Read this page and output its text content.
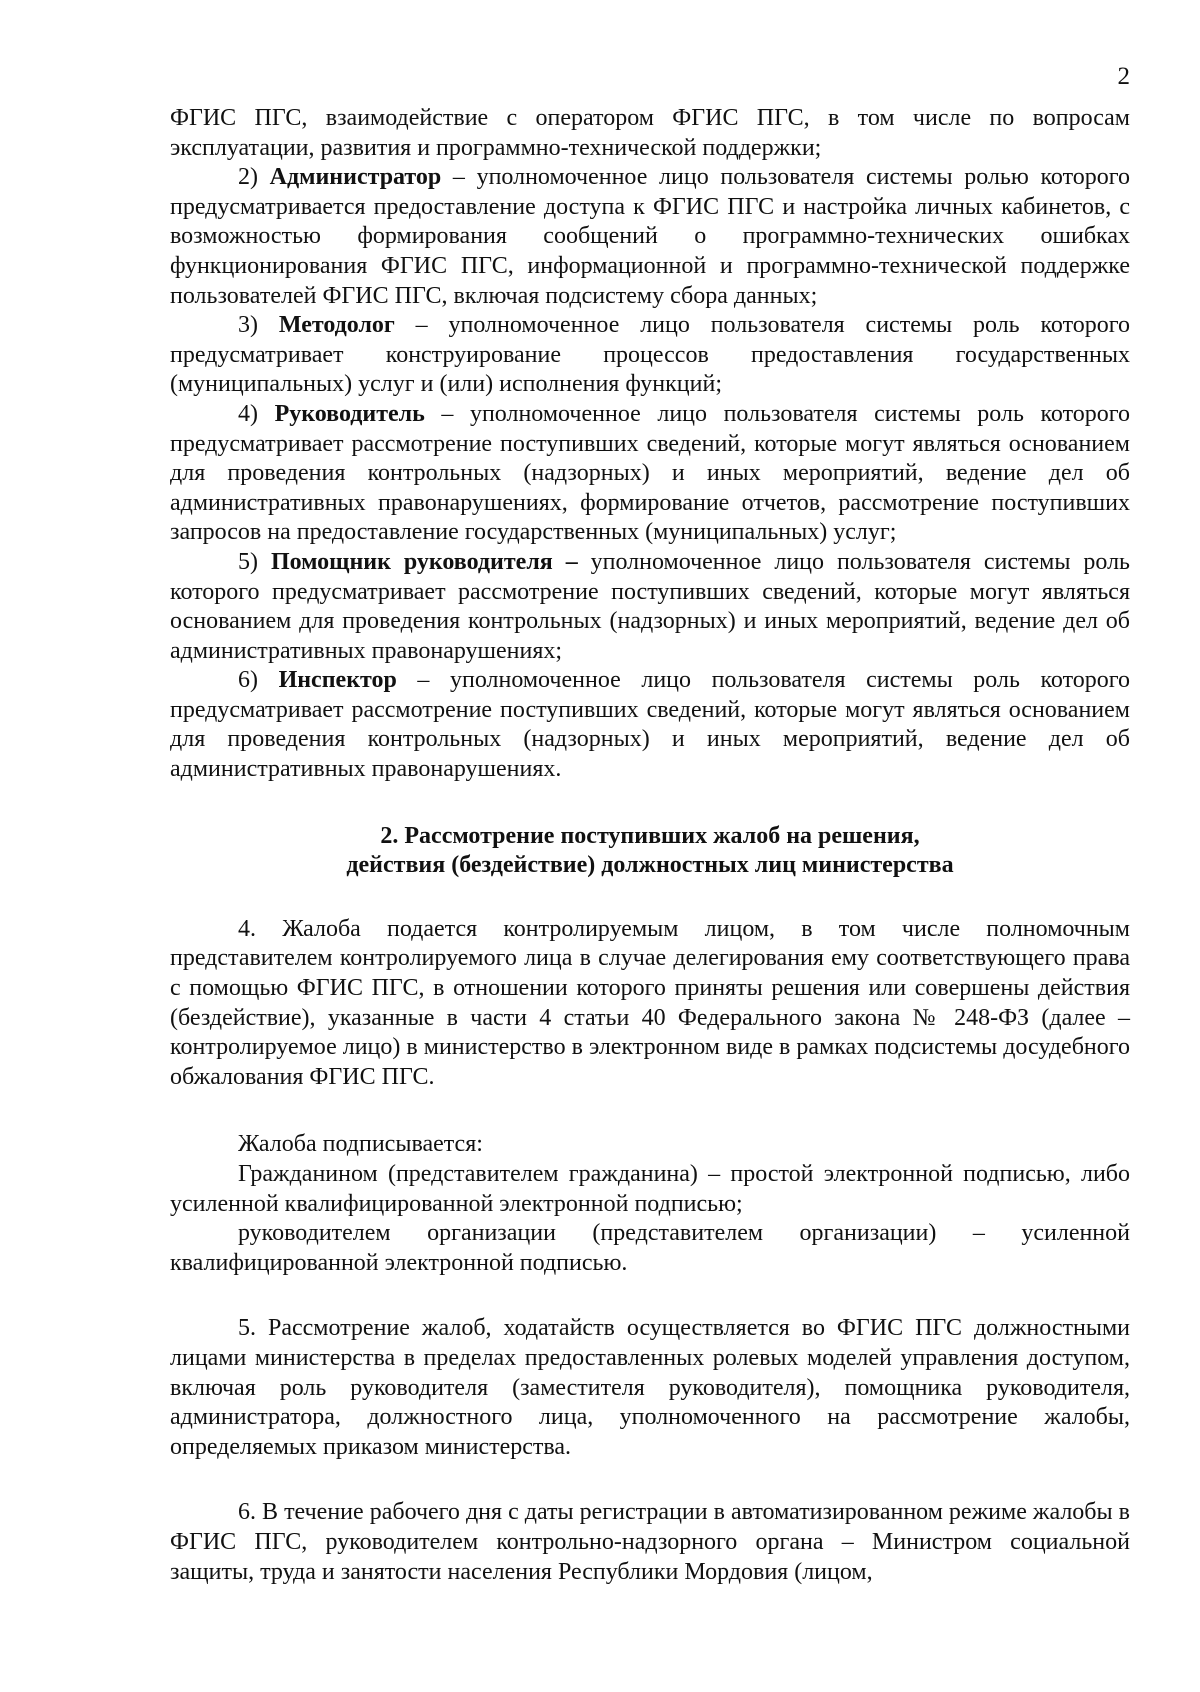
2

ФГИС ПГС, взаимодействие с оператором ФГИС ПГС, в том числе по вопросам эксплуатации, развития и программно-технической поддержки;

2) Администратор – уполномоченное лицо пользователя системы ролью которого предусматривается предоставление доступа к ФГИС ПГС и настройка личных кабинетов, с возможностью формирования сообщений о программно-технических ошибках функционирования ФГИС ПГС, информационной и программно-технической поддержке пользователей ФГИС ПГС, включая подсистему сбора данных;

3) Методолог – уполномоченное лицо пользователя системы роль которого предусматривает конструирование процессов предоставления государственных (муниципальных) услуг и (или) исполнения функций;

4) Руководитель – уполномоченное лицо пользователя системы роль которого предусматривает рассмотрение поступивших сведений, которые могут являться основанием для проведения контрольных (надзорных) и иных мероприятий, ведение дел об административных правонарушениях, формирование отчетов, рассмотрение поступивших запросов на предоставление государственных (муниципальных) услуг;

5) Помощник руководителя – уполномоченное лицо пользователя системы роль которого предусматривает рассмотрение поступивших сведений, которые могут являться основанием для проведения контрольных (надзорных) и иных мероприятий, ведение дел об административных правонарушениях;

6) Инспектор – уполномоченное лицо пользователя системы роль которого предусматривает рассмотрение поступивших сведений, которые могут являться основанием для проведения контрольных (надзорных) и иных мероприятий, ведение дел об административных правонарушениях.

2. Рассмотрение поступивших жалоб на решения,

действия (бездействие) должностных лиц министерства

4. Жалоба подается контролируемым лицом, в том числе полномочным представителем контролируемого лица в случае делегирования ему соответствующего права с помощью ФГИС ПГС, в отношении которого приняты решения или совершены действия (бездействие), указанные в части 4 статьи 40 Федерального закона № 248-ФЗ (далее – контролируемое лицо) в министерство в электронном виде в рамках подсистемы досудебного обжалования ФГИС ПГС.

Жалоба подписывается:

Гражданином (представителем гражданина) – простой электронной подписью, либо усиленной квалифицированной электронной подписью;

руководителем организации (представителем организации) – усиленной квалифицированной электронной подписью.

5. Рассмотрение жалоб, ходатайств осуществляется во ФГИС ПГС должностными лицами министерства в пределах предоставленных ролевых моделей управления доступом, включая роль руководителя (заместителя руководителя), помощника руководителя, администратора, должностного лица, уполномоченного на рассмотрение жалобы, определяемых приказом министерства.

6. В течение рабочего дня с даты регистрации в автоматизированном режиме жалобы в ФГИС ПГС, руководителем контрольно-надзорного органа – Министром социальной защиты, труда и занятости населения Республики Мордовия (лицом,
